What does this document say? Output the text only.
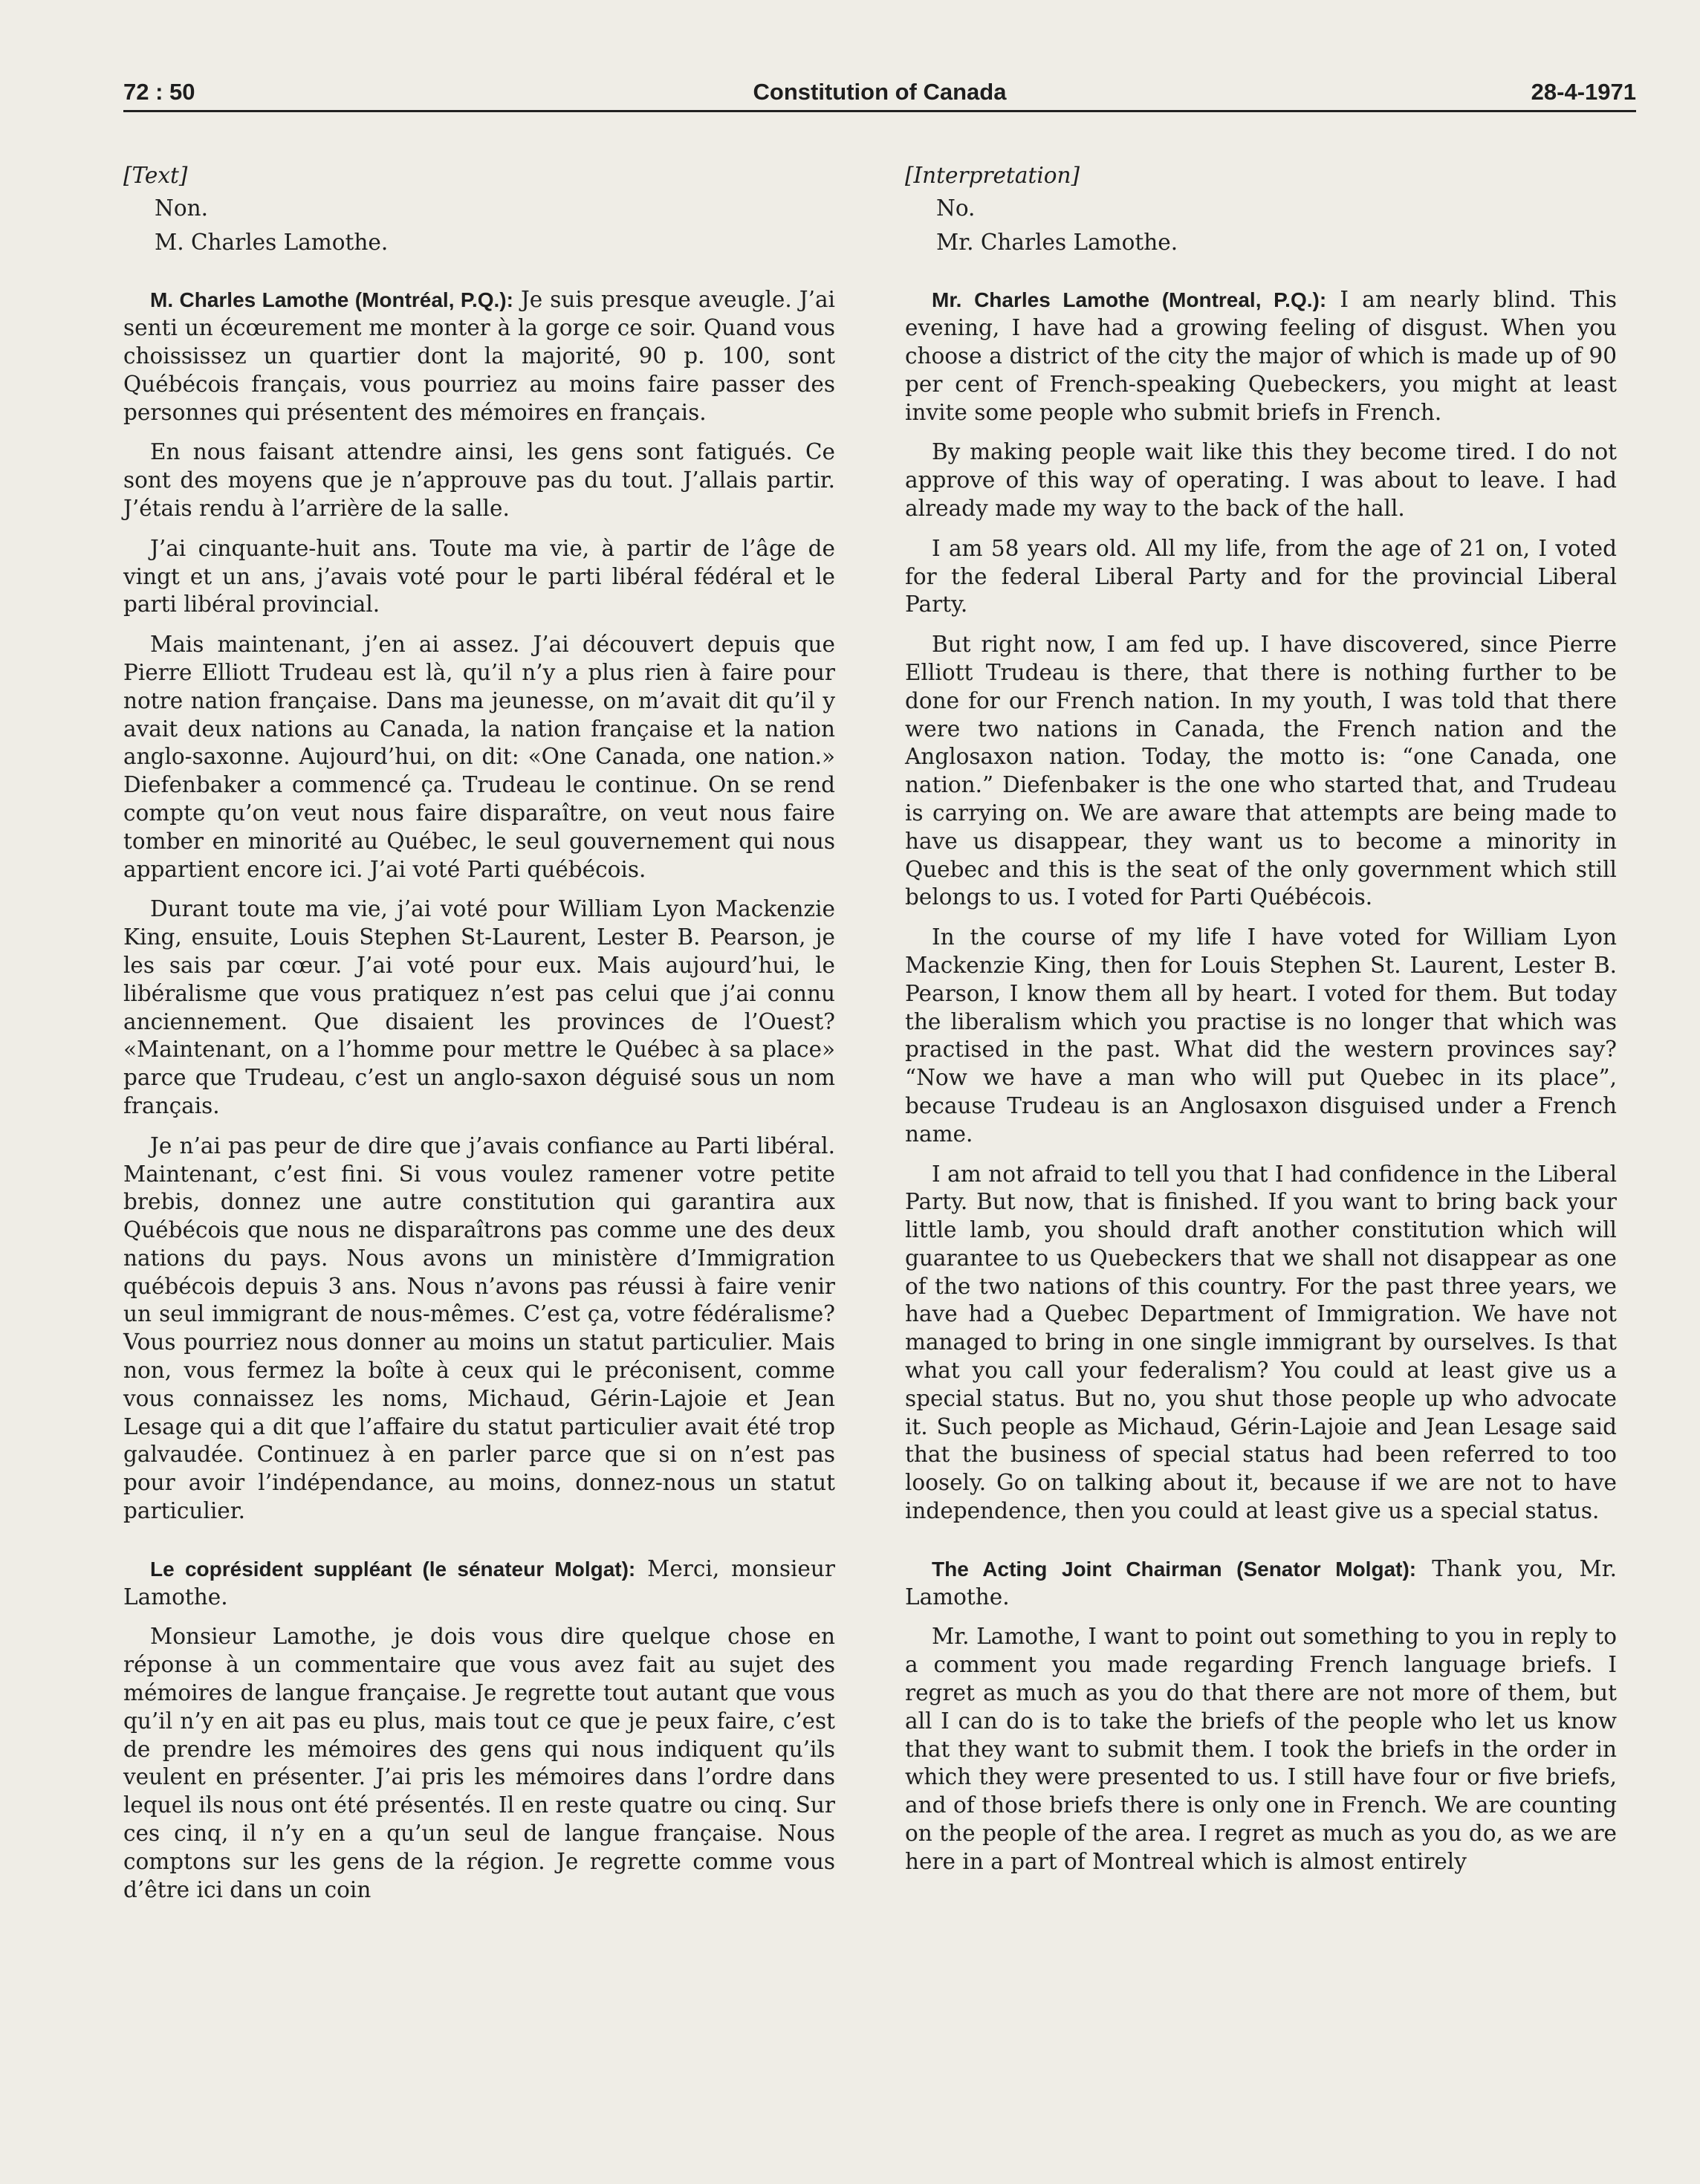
72 : 50	Constitution of Canada	28-4-1971

[Text]

Non.

M. Charles Lamothe.

M. Charles Lamothe (Montréal, P.Q.): Je suis presque aveugle. J’ai senti un écœurement me monter à la gorge ce soir. Quand vous choississez un quartier dont la majorité, 90 p. 100, sont Québécois français, vous pourriez au moins faire passer des personnes qui présentent des mémoires en français.

En nous faisant attendre ainsi, les gens sont fatigués. Ce sont des moyens que je n’approuve pas du tout. J’allais partir. J’étais rendu à l’arrière de la salle.

J’ai cinquante-huit ans. Toute ma vie, à partir de l’âge de vingt et un ans, j’avais voté pour le parti libéral fédéral et le parti libéral provincial.

Mais maintenant, j’en ai assez. J’ai découvert depuis que Pierre Elliott Trudeau est là, qu’il n’y a plus rien à faire pour notre nation française. Dans ma jeunesse, on m’avait dit qu’il y avait deux nations au Canada, la nation française et la nation anglo-saxonne. Aujourd’hui, on dit: «One Canada, one nation.» Diefenbaker a commencé ça. Trudeau le continue. On se rend compte qu’on veut nous faire disparaître, on veut nous faire tomber en minorité au Québec, le seul gouvernement qui nous appartient encore ici. J’ai voté Parti québécois.

Durant toute ma vie, j’ai voté pour William Lyon Mackenzie King, ensuite, Louis Stephen St-Laurent, Lester B. Pearson, je les sais par cœur. J’ai voté pour eux. Mais aujourd’hui, le libéralisme que vous pratiquez n’est pas celui que j’ai connu anciennement. Que disaient les provinces de l’Ouest? «Maintenant, on a l’homme pour mettre le Québec à sa place» parce que Trudeau, c’est un anglo-saxon déguisé sous un nom français.

Je n’ai pas peur de dire que j’avais confiance au Parti libéral. Maintenant, c’est fini. Si vous voulez ramener votre petite brebis, donnez une autre constitution qui garantira aux Québécois que nous ne disparaîtrons pas comme une des deux nations du pays. Nous avons un ministère d’Immigration québécois depuis 3 ans. Nous n’avons pas réussi à faire venir un seul immigrant de nous-mêmes. C’est ça, votre fédéralisme? Vous pourriez nous donner au moins un statut particulier. Mais non, vous fermez la boîte à ceux qui le préconisent, comme vous connaissez les noms, Michaud, Gérin-Lajoie et Jean Lesage qui a dit que l’affaire du statut particulier avait été trop galvaudée. Continuez à en parler parce que si on n’est pas pour avoir l’indépendance, au moins, donnez-nous un statut particulier.

Le coprésident suppléant (le sénateur Molgat): Merci, monsieur Lamothe.

Monsieur Lamothe, je dois vous dire quelque chose en réponse à un commentaire que vous avez fait au sujet des mémoires de langue française. Je regrette tout autant que vous qu’il n’y en ait pas eu plus, mais tout ce que je peux faire, c’est de prendre les mémoires des gens qui nous indiquent qu’ils veulent en présenter. J’ai pris les mémoires dans l’ordre dans lequel ils nous ont été présentés. Il en reste quatre ou cinq. Sur ces cinq, il n’y en a qu’un seul de langue française. Nous comptons sur les gens de la région. Je regrette comme vous d’être ici dans un coin

[Interpretation]

No.

Mr. Charles Lamothe.

Mr. Charles Lamothe (Montreal, P.Q.): I am nearly blind. This evening, I have had a growing feeling of disgust. When you choose a district of the city the major of which is made up of 90 per cent of French-speaking Quebeckers, you might at least invite some people who submit briefs in French.

By making people wait like this they become tired. I do not approve of this way of operating. I was about to leave. I had already made my way to the back of the hall.

I am 58 years old. All my life, from the age of 21 on, I voted for the federal Liberal Party and for the provincial Liberal Party.

But right now, I am fed up. I have discovered, since Pierre Elliott Trudeau is there, that there is nothing further to be done for our French nation. In my youth, I was told that there were two nations in Canada, the French nation and the Anglosaxon nation. Today, the motto is: “one Canada, one nation.” Diefenbaker is the one who started that, and Trudeau is carrying on. We are aware that attempts are being made to have us disappear, they want us to become a minority in Quebec and this is the seat of the only government which still belongs to us. I voted for Parti Québécois.

In the course of my life I have voted for William Lyon Mackenzie King, then for Louis Stephen St. Laurent, Lester B. Pearson, I know them all by heart. I voted for them. But today the liberalism which you practise is no longer that which was practised in the past. What did the western provinces say? “Now we have a man who will put Quebec in its place”, because Trudeau is an Anglosaxon disguised under a French name.

I am not afraid to tell you that I had confidence in the Liberal Party. But now, that is finished. If you want to bring back your little lamb, you should draft another constitution which will guarantee to us Quebeckers that we shall not disappear as one of the two nations of this country. For the past three years, we have had a Quebec Department of Immigration. We have not managed to bring in one single immigrant by ourselves. Is that what you call your federalism? You could at least give us a special status. But no, you shut those people up who advocate it. Such people as Michaud, Gérin-Lajoie and Jean Lesage said that the business of special status had been referred to too loosely. Go on talking about it, because if we are not to have independence, then you could at least give us a special status.

The Acting Joint Chairman (Senator Molgat): Thank you, Mr. Lamothe.

Mr. Lamothe, I want to point out something to you in reply to a comment you made regarding French language briefs. I regret as much as you do that there are not more of them, but all I can do is to take the briefs of the people who let us know that they want to submit them. I took the briefs in the order in which they were presented to us. I still have four or five briefs, and of those briefs there is only one in French. We are counting on the people of the area. I regret as much as you do, as we are here in a part of Montreal which is almost entirely
